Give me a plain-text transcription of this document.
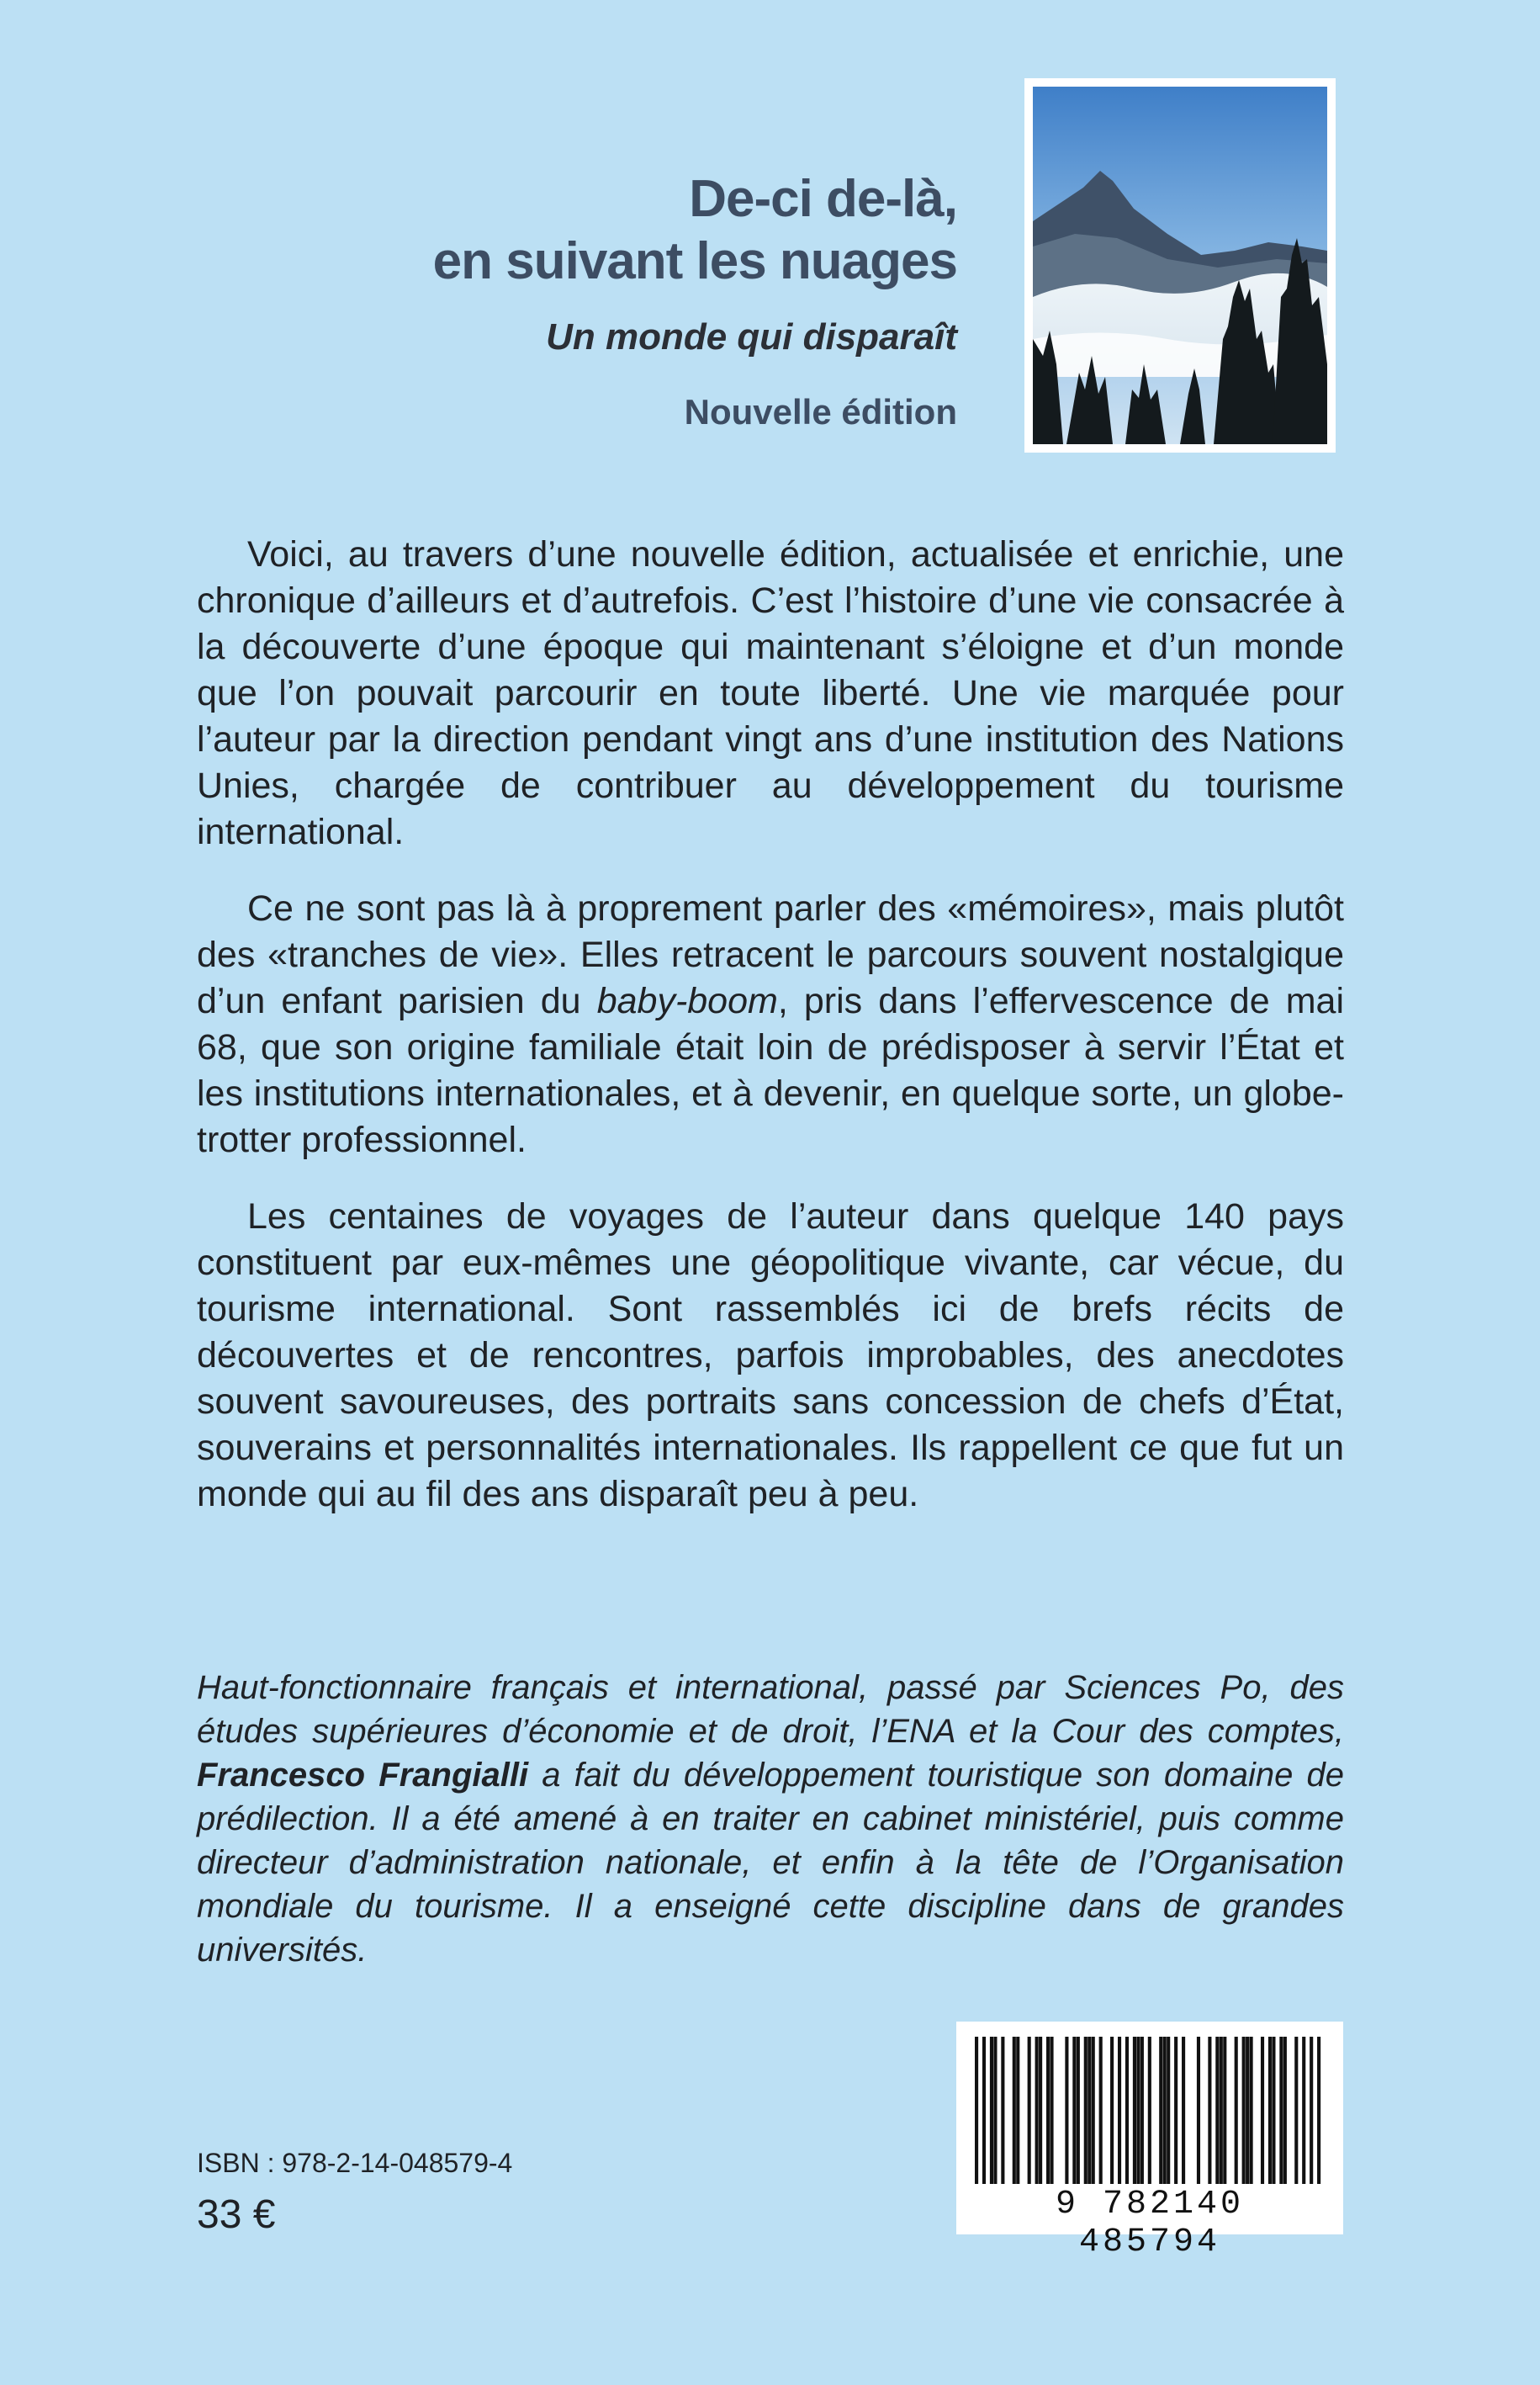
De-ci de-là,
en suivant les nuages
Un monde qui disparaît
Nouvelle édition

Voici, au travers d’une nouvelle édition, actualisée et enrichie, une chronique d’ailleurs et d’autrefois. C’est l’histoire d’une vie consacrée à la découverte d’une époque qui maintenant s’éloigne et d’un monde que l’on pouvait parcourir en toute liberté. Une vie marquée pour l’auteur par la direction pendant vingt ans d’une institution des Nations Unies, chargée de contribuer au développement du tourisme international.

Ce ne sont pas là à proprement parler des «mémoires», mais plutôt des «tranches de vie». Elles retracent le parcours souvent nostalgique d’un enfant parisien du baby-boom, pris dans l’effervescence de mai 68, que son origine familiale était loin de prédisposer à servir l’État et les institutions internationales, et à devenir, en quelque sorte, un globe-trotter professionnel.

Les centaines de voyages de l’auteur dans quelque 140 pays constituent par eux-mêmes une géopolitique vivante, car vécue, du tourisme international. Sont rassemblés ici de brefs récits de découvertes et de rencontres, parfois improbables, des anecdotes souvent savoureuses, des portraits sans concession de chefs d’État, souverains et personnalités internationales. Ils rappellent ce que fut un monde qui au fil des ans disparaît peu à peu.

Haut-fonctionnaire français et international, passé par Sciences Po, des études supérieures d’économie et de droit, l’ENA et la Cour des comptes, Francesco Frangialli a fait du développement touristique son domaine de prédilection. Il a été amené à en traiter en cabinet ministériel, puis comme directeur d’administration nationale, et enfin à la tête de l’Organisation mondiale du tourisme. Il a enseigné cette discipline dans de grandes universités.
ISBN : 978-2-14-048579-4
33 €	9 782140 485794
